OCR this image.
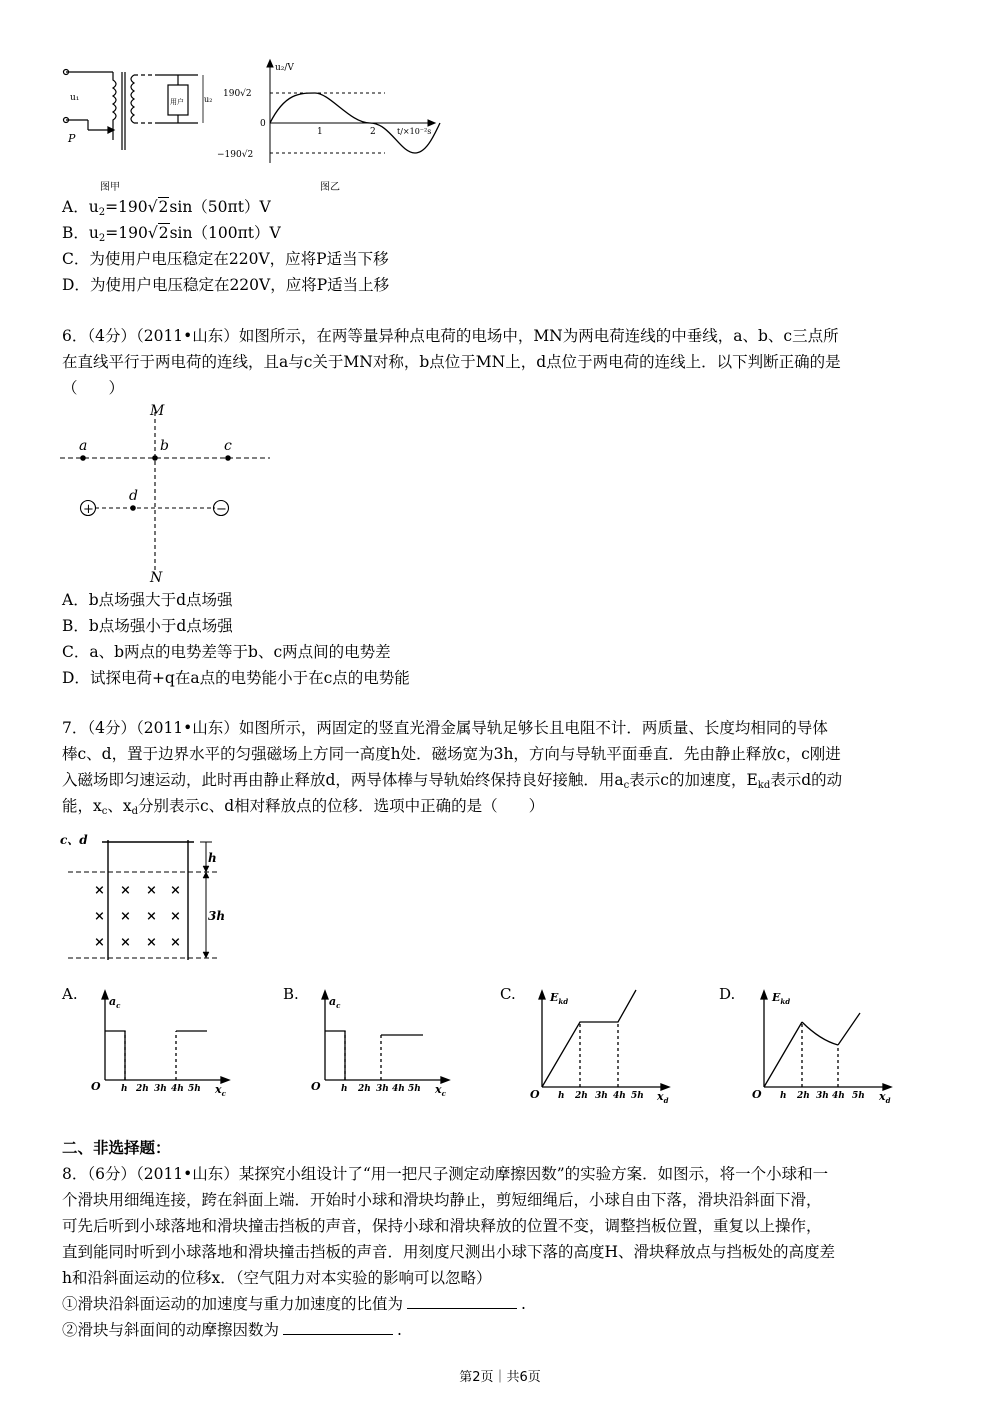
u₁
P
用户	u₂
图甲
u₂/V
190√2
−190√2
0
1	2	t/×10⁻²s
图乙
A．$u_2=190√2\sin(50\pi t)V$
B．$u_2=190√2\sin(100\pi t)V$
C．为使用户电压稳定在220V，应将P适当下移
D．为使用户电压稳定在220V，应将P适当上移
6．（4分）（2011•山东）如图所示，在两等量异种点电荷的电场中，MN为两电荷连线的中垂线，a、b、c三点所
在直线平行于两电荷的连线，且a与c关于MN对称，b点位于MN上，d点位于两电荷的连线上．以下判断正确的是
（　　）
M
N
a	b	c
d
+	−
A．b点场强大于d点场强
B．b点场强小于d点场强
C．a、b两点的电势差等于b、c两点间的电势差
D．试探电荷+q在a点的电势能小于在c点的电势能
7．（4分）（2011•山东）如图所示，两固定的竖直光滑金属导轨足够长且电阻不计．两质量、长度均相同的导体
棒c、d，置于边界水平的匀强磁场上方同一高度h处．磁场宽为3h，方向与导轨平面垂直．先由静止释放c，c刚进
入磁场即匀速运动，此时再由静止释放d，两导体棒与导轨始终保持良好接触．用$a_c$表示c的加速度，$E_{kd}$表示d的动
能，$x_c$、$x_d$分别表示c、d相对释放点的位移．选项中正确的是（　　）
c、d
h
3h
× × × ×
× × × ×
× × × ×
A.	$a_c$
O h 2h 3h 4h 5h $x_c$
B.	$a_c$
O h 2h 3h 4h 5h $x_c$
C.	$E_{kd}$
O h 2h 3h 4h 5h $x_d$
D.	$E_{kd}$
O h 2h 3h 4h 5h $x_d$
二、非选择题：
8．（6分）（2011•山东）某探究小组设计了“用一把尺子测定动摩擦因数”的实验方案．如图示，将一个小球和一
个滑块用细绳连接，跨在斜面上端．开始时小球和滑块均静止，剪短细绳后，小球自由下落，滑块沿斜面下滑，
可先后听到小球落地和滑块撞击挡板的声音，保持小球和滑块释放的位置不变，调整挡板位置，重复以上操作，
直到能同时听到小球落地和滑块撞击挡板的声音．用刻度尺测出小球下落的高度H、滑块释放点与挡板处的高度差
h和沿斜面运动的位移x．（空气阻力对本实验的影响可以忽略）
①滑块沿斜面运动的加速度与重力加速度的比值为	.
②滑块与斜面间的动摩擦因数为	.
第2页｜共6页
